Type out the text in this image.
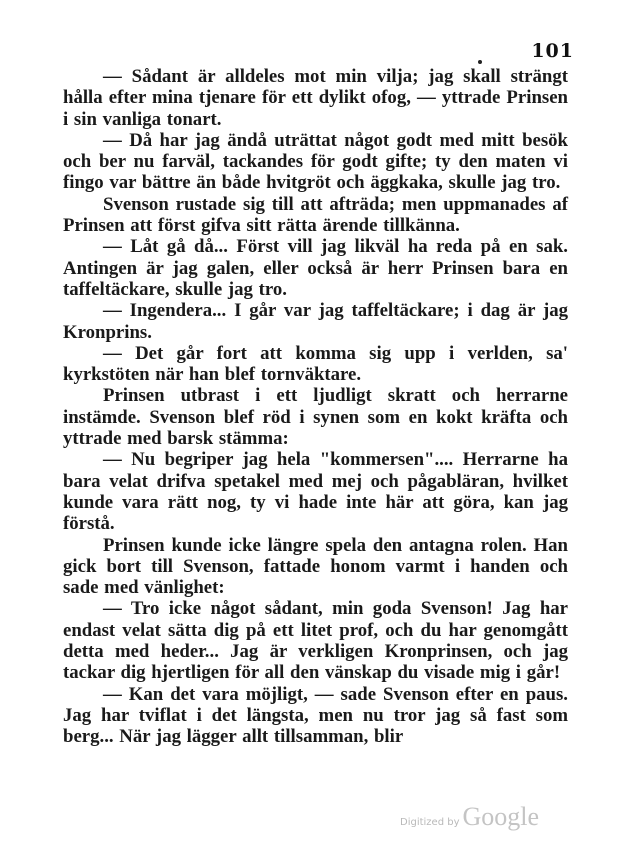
101

— Sådant är alldeles mot min vilja; jag skall strängt hålla efter mina tjenare för ett dylikt ofog, — yttrade Prinsen i sin vanliga tonart.

— Då har jag ändå uträttat något godt med mitt besök och ber nu farväl, tackandes för godt gifte; ty den maten vi fingo var bättre än både hvitgröt och äggkaka, skulle jag tro.

Svenson rustade sig till att afträda; men uppmanades af Prinsen att först gifva sitt rätta ärende tillkänna.

— Låt gå då... Först vill jag likväl ha reda på en sak. Antingen är jag galen, eller också är herr Prinsen bara en taffeltäckare, skulle jag tro.

— Ingendera... I går var jag taffeltäckare; i dag är jag Kronprins.

— Det går fort att komma sig upp i verlden, sa' kyrkstöten när han blef tornväktare.

Prinsen utbrast i ett ljudligt skratt och herrarne instämde. Svenson blef röd i synen som en kokt kräfta och yttrade med barsk stämma:

— Nu begriper jag hela "kommersen".... Herrarne ha bara velat drifva spetakel med mej och pågabläran, hvilket kunde vara rätt nog, ty vi hade inte här att göra, kan jag förstå.

Prinsen kunde icke längre spela den antagna rolen. Han gick bort till Svenson, fattade honom varmt i handen och sade med vänlighet:

— Tro icke något sådant, min goda Svenson! Jag har endast velat sätta dig på ett litet prof, och du har genomgått detta med heder... Jag är verkligen Kronprinsen, och jag tackar dig hjertligen för all den vänskap du visade mig i går!

— Kan det vara möjligt, — sade Svenson efter en paus. Jag har tviflat i det längsta, men nu tror jag så fast som berg... När jag lägger allt tillsamman, blir

Digitized by Google
